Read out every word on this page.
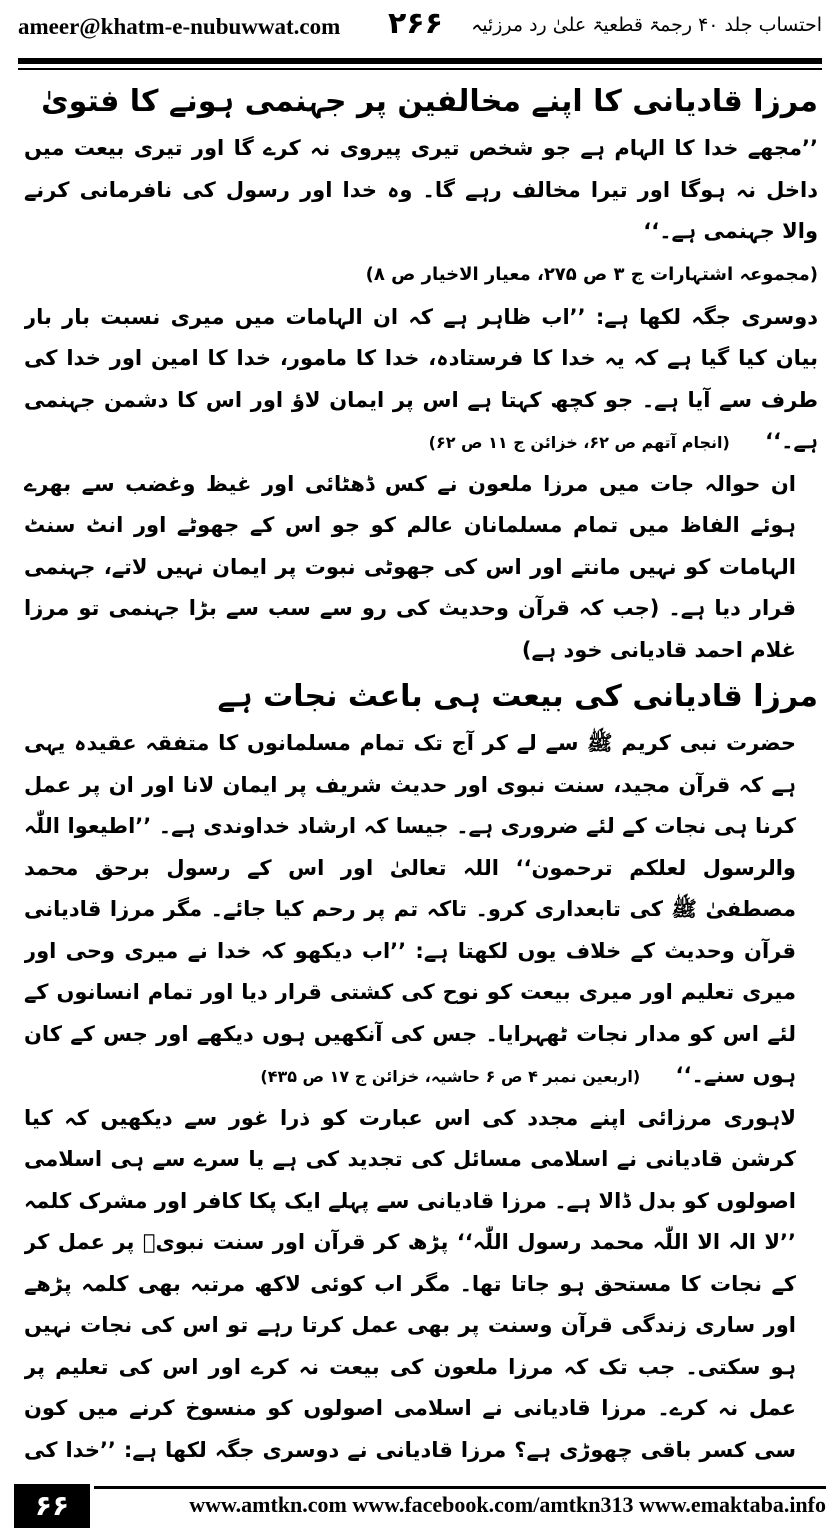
ameer@khatm-e-nubuwwat.com ۲۶۶ احتساب جلد ۴۰ رجمۃ قطعیۃ علیٰ رد مرزئیہ
مرزا قادیانی کا اپنے مخالفین پر جہنمی ہونے کا فتویٰ

’’مجھے خدا کا الہام ہے جو شخص تیری پیروی نہ کرے گا اور تیری بیعت میں داخل نہ ہوگا اور تیرا مخالف رہے گا۔ وہ خدا اور رسول کی نافرمانی کرنے والا جہنمی ہے۔‘‘

(مجموعہ اشتہارات ج ۳ ص ۲۷۵، معیار الاخیار ص ۸)

دوسری جگہ لکھا ہے: ’’اب ظاہر ہے کہ ان الہامات میں میری نسبت بار بار بیان کیا گیا ہے کہ یہ خدا کا فرستادہ، خدا کا مامور، خدا کا امین اور خدا کی طرف سے آیا ہے۔ جو کچھ کہتا ہے اس پر ایمان لاؤ اور اس کا دشمن جہنمی ہے۔‘‘ (انجام آتھم ص ۶۲، خزائن ج ۱۱ ص ۶۲)

ان حوالہ جات میں مرزا ملعون نے کس ڈھٹائی اور غیظ وغضب سے بھرے ہوئے الفاظ میں تمام مسلمانان عالم کو جو اس کے جھوٹے اور انٹ سنٹ الہامات کو نہیں مانتے اور اس کی جھوٹی نبوت پر ایمان نہیں لاتے، جہنمی قرار دیا ہے۔ (جب کہ قرآن وحدیث کی رو سے سب سے بڑا جہنمی تو مرزا غلام احمد قادیانی خود ہے)

مرزا قادیانی کی بیعت ہی باعث نجات ہے

حضرت نبی کریم ﷺ سے لے کر آج تک تمام مسلمانوں کا متفقہ عقیدہ یہی ہے کہ قرآن مجید، سنت نبوی اور حدیث شریف پر ایمان لانا اور ان پر عمل کرنا ہی نجات کے لئے ضروری ہے۔ جیسا کہ ارشاد خداوندی ہے۔ ’’اطیعوا اللّٰہ والرسول لعلکم ترحمون‘‘ اللہ تعالیٰ اور اس کے رسول برحق محمد مصطفیٰ ﷺ کی تابعداری کرو۔ تاکہ تم پر رحم کیا جائے۔ مگر مرزا قادیانی قرآن وحدیث کے خلاف یوں لکھتا ہے: ’’اب دیکھو کہ خدا نے میری وحی اور میری تعلیم اور میری بیعت کو نوح کی کشتی قرار دیا اور تمام انسانوں کے لئے اس کو مدار نجات ٹھہرایا۔ جس کی آنکھیں ہوں دیکھے اور جس کے کان ہوں سنے۔‘‘ (اربعین نمبر ۴ ص ۶ حاشیہ، خزائن ج ۱۷ ص ۴۳۵)

لاہوری مرزائی اپنے مجدد کی اس عبارت کو ذرا غور سے دیکھیں کہ کیا کرشن قادیانی نے اسلامی مسائل کی تجدید کی ہے یا سرے سے ہی اسلامی اصولوں کو بدل ڈالا ہے۔ مرزا قادیانی سے پہلے ایک پکا کافر اور مشرک کلمہ ’’لا الہ الا اللّٰہ محمد رسول اللّٰہ‘‘ پڑھ کر قرآن اور سنت نبویؐ پر عمل کر کے نجات کا مستحق ہو جاتا تھا۔ مگر اب کوئی لاکھ مرتبہ بھی کلمہ پڑھے اور ساری زندگی قرآن وسنت پر بھی عمل کرتا رہے تو اس کی نجات نہیں ہو سکتی۔ جب تک کہ مرزا ملعون کی بیعت نہ کرے اور اس کی تعلیم پر عمل نہ کرے۔ مرزا قادیانی نے اسلامی اصولوں کو منسوخ کرنے میں کون سی کسر باقی چھوڑی ہے؟ مرزا قادیانی نے دوسری جگہ لکھا ہے: ’’خدا کی

۶۶	www.amtkn.com www.facebook.com/amtkn313 www.emaktaba.info
